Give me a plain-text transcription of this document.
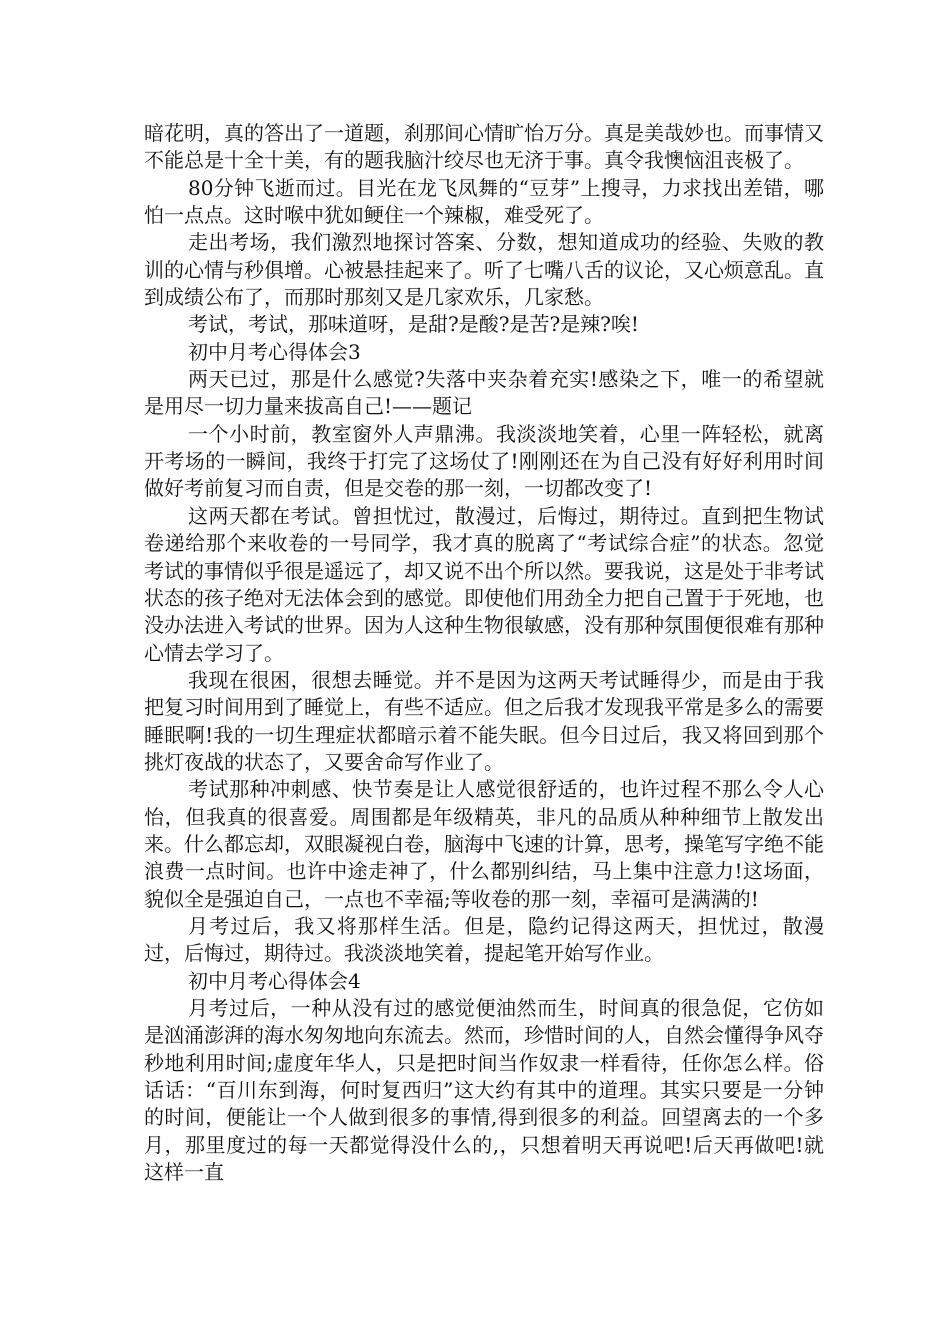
暗花明，真的答出了一道题，刹那间心情旷怡万分。真是美哉妙也。而事情又不能总是十全十美，有的题我脑汁绞尽也无济于事。真令我懊恼沮丧极了。

80分钟飞逝而过。目光在龙飞凤舞的“豆芽”上搜寻，力求找出差错，哪怕一点点。这时喉中犹如鲠住一个辣椒，难受死了。

走出考场，我们激烈地探讨答案、分数，想知道成功的经验、失败的教训的心情与秒俱增。心被悬挂起来了。听了七嘴八舌的议论，又心烦意乱。直到成绩公布了，而那时那刻又是几家欢乐，几家愁。

考试，考试，那味道呀，是甜?是酸?是苦?是辣?唉!

初中月考心得体会3

两天已过，那是什么感觉?失落中夹杂着充实!感染之下，唯一的希望就是用尽一切力量来拔高自己!——题记

一个小时前，教室窗外人声鼎沸。我淡淡地笑着，心里一阵轻松，就离开考场的一瞬间，我终于打完了这场仗了!刚刚还在为自己没有好好利用时间做好考前复习而自责，但是交卷的那一刻，一切都改变了!

这两天都在考试。曾担忧过，散漫过，后悔过，期待过。直到把生物试卷递给那个来收卷的一号同学，我才真的脱离了“考试综合症”的状态。忽觉考试的事情似乎很是遥远了，却又说不出个所以然。要我说，这是处于非考试状态的孩子绝对无法体会到的感觉。即使他们用劲全力把自己置于于死地，也没办法进入考试的世界。因为人这种生物很敏感，没有那种氛围便很难有那种心情去学习了。

我现在很困，很想去睡觉。并不是因为这两天考试睡得少，而是由于我把复习时间用到了睡觉上，有些不适应。但之后我才发现我平常是多么的需要睡眠啊!我的一切生理症状都暗示着不能失眠。但今日过后，我又将回到那个挑灯夜战的状态了，又要舍命写作业了。

考试那种冲刺感、快节奏是让人感觉很舒适的，也许过程不那么令人心怡，但我真的很喜爱。周围都是年级精英，非凡的品质从种种细节上散发出来。什么都忘却，双眼凝视白卷，脑海中飞速的计算，思考，操笔写字绝不能浪费一点时间。也许中途走神了，什么都别纠结，马上集中注意力!这场面，貌似全是强迫自己，一点也不幸福;等收卷的那一刻，幸福可是满满的!

月考过后，我又将那样生活。但是，隐约记得这两天，担忧过，散漫过，后悔过，期待过。我淡淡地笑着，提起笔开始写作业。

初中月考心得体会4

月考过后，一种从没有过的感觉便油然而生，时间真的很急促，它仿如是汹涌澎湃的海水匆匆地向东流去。然而，珍惜时间的人，自然会懂得争风夺秒地利用时间;虚度年华人，只是把时间当作奴隶一样看待，任你怎么样。俗话话：“百川东到海，何时复西归”这大约有其中的道理。其实只要是一分钟的时间，便能让一个人做到很多的事情,得到很多的利益。回望离去的一个多月，那里度过的每一天都觉得没什么的,，只想着明天再说吧!后天再做吧!就这样一直
